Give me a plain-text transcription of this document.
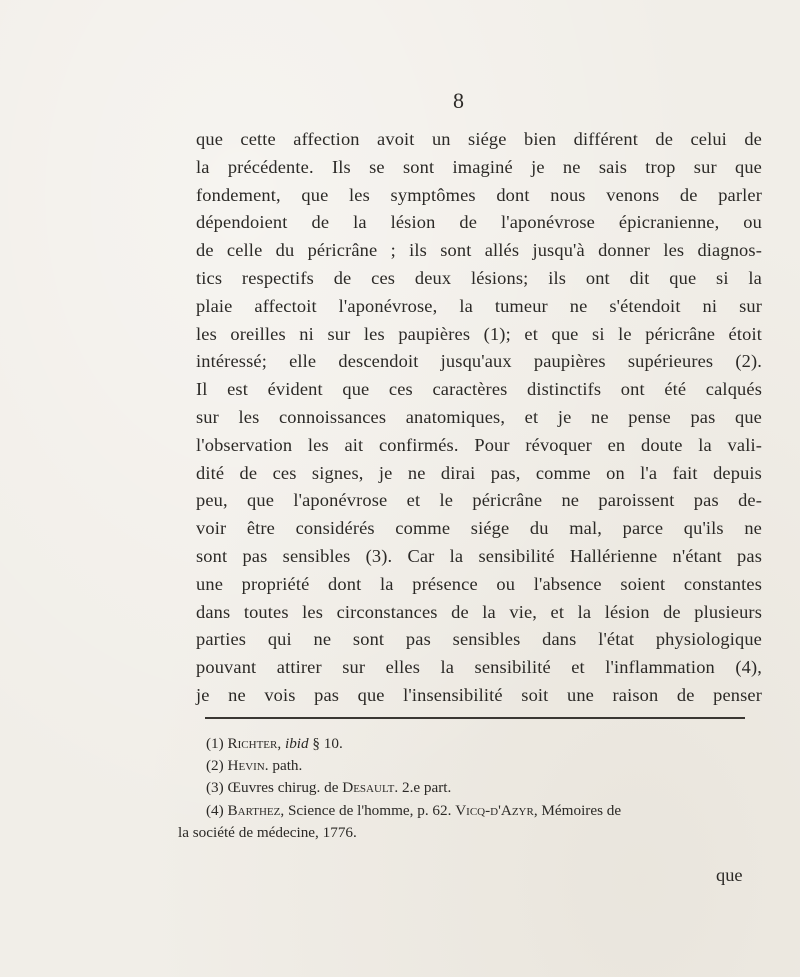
8
que cette affection avoit un siége bien différent de celui de
la précédente. Ils se sont imaginé je ne sais trop sur que
fondement, que les symptômes dont nous venons de parler
dépendoient de la lésion de l'aponévrose épicranienne, ou
de celle du péricrâne ; ils sont allés jusqu'à donner les diagnos-
tics respectifs de ces deux lésions; ils ont dit que si la
plaie affectoit l'aponévrose, la tumeur ne s'étendoit ni sur
les oreilles ni sur les paupières (1); et que si le péricrâne étoit
intéressé; elle descendoit jusqu'aux paupières supérieures (2).
Il est évident que ces caractères distinctifs ont été calqués
sur les connoissances anatomiques, et je ne pense pas que
l'observation les ait confirmés. Pour révoquer en doute la vali-
dité de ces signes, je ne dirai pas, comme on l'a fait depuis
peu, que l'aponévrose et le péricrâne ne paroissent pas de-
voir être considérés comme siége du mal, parce qu'ils ne
sont pas sensibles (3). Car la sensibilité Hallérienne n'étant pas
une propriété dont la présence ou l'absence soient constantes
dans toutes les circonstances de la vie, et la lésion de plusieurs
parties qui ne sont pas sensibles dans l'état physiologique
pouvant attirer sur elles la sensibilité et l'inflammation (4),
je ne vois pas que l'insensibilité soit une raison de penser
(1) Richter, ibid § 10.
(2) Hevin. path.
(3) Œuvres chirug. de Desault. 2.e part.
(4) Barthez, Science de l'homme, p. 62. Vicq-d'Azyr, Mémoires de
la société de médecine, 1776.
que
